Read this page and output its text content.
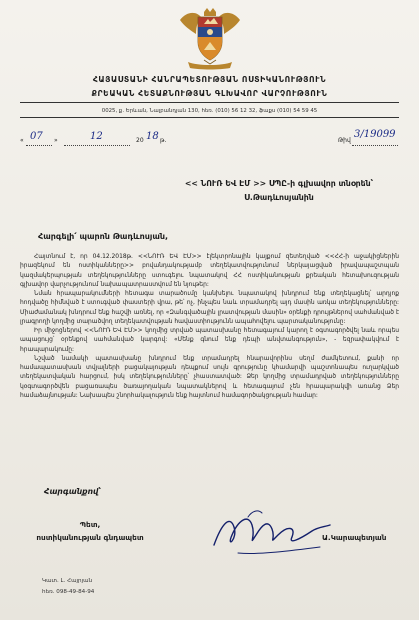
ՀԱՅԱՍՏԱՆԻ ՀԱՆՐԱՊԵՏՈՒԹՅԱՆ ՈՍՏԻԿԱՆՈՒԹՅՈՒՆ
ՔՐԵԱԿԱՆ ՀԵՏԱՔՆՈՒԹՅԱՆ ԳԼԽԱՎՈՐ ՎԱՐՉՈՒԹՅՈՒՆ
0025, ք. Երևան, Նալբանդյան 130, հեռ. (010) 56 12 32, ֆաքս (010) 54 59 45
« 07 »	12	20 18 թ.	Թիվ
3/19099
<< ՆՈՒՌ ԵՎ ԷՄ >> ՍՊԸ-ի գլխավոր տնօրեն՝
Ս.Թադևոսյանին
Հարգելի՛ պարոն Թադևոսյան,

Հայտնում է, որ 04.12.2018թ. <<ՆՈՒՌ ԵՎ ԷՄ>> էլեկտրոնային կայքում զետեղված <<ՀՀ-ի աջակիցներին իրազեկում են ոստիկանները>> բովանդակությամբ տեղեկատվությունում ներկայացված իրավապաշտպան կազմակերպության տեղեկությունները ստուգելու նպատակով ՀՀ ոստիկանության քրեական հետախուզության գլխավոր վարչությունում նախապատրաստվում են նյութեր:

Նման հրապարակումների հետագա տարածումը կանխելու նպատակով խնդրում ենք տեղեկացնել՝ արդյոք հոդվածը հիմնված է ստուգված փաստերի վրա, թե՝ ոչ, ինչպես նաև տրամադրել այդ մասին առկա տեղեկությունները: Միաժամանակ խնդրում ենք հաշվի առնել, որ «Զանգվածային լրատվության մասին» օրենքի դրույթներով սահմանված է լրագրողի կողմից տարածվող տեղեկատվության հավաստիությունն ապահովելու պարտականությունը:

Իր միջոցներով <<ՆՈՒՌ ԵՎ ԷՄ>> կողմից տրված պատասխանը հետագայում կարող է օգտագործվել նաև որպես ապացույց՝ օրենքով սահմանված կարգով: «Մենք գնում ենք դեպի անվտանգություն», - եզրափակվում է հրապարակումը:

Նշված նամակի պատասխանը խնդրում ենք տրամադրել հնարավորինս սեղմ ժամկետում, քանի որ համապատասխան տվյալների բացակայության դեպքում սույն գրությունը կհամարվի պաշտոնապես ուղարկված տեղեկատվական հարցում, իսկ տեղեկությունները՝ չհաստատված: Ձեր կողմից տրամադրված տեղեկությունները կօգտագործվեն բացառապես ծառայողական նպատակներով և հետագայում չեն հրապարակվի առանց Ձեր համաձայնության: Նախապես շնորհակալություն ենք հայտնում համագործակցության համար:

Հարգանքով՝
Պետ,
ոստիկանության գնդապետ	Ա.Կարապետյան
Կատ. Լ. Հայրյան
հեռ. 098-49-84-94
